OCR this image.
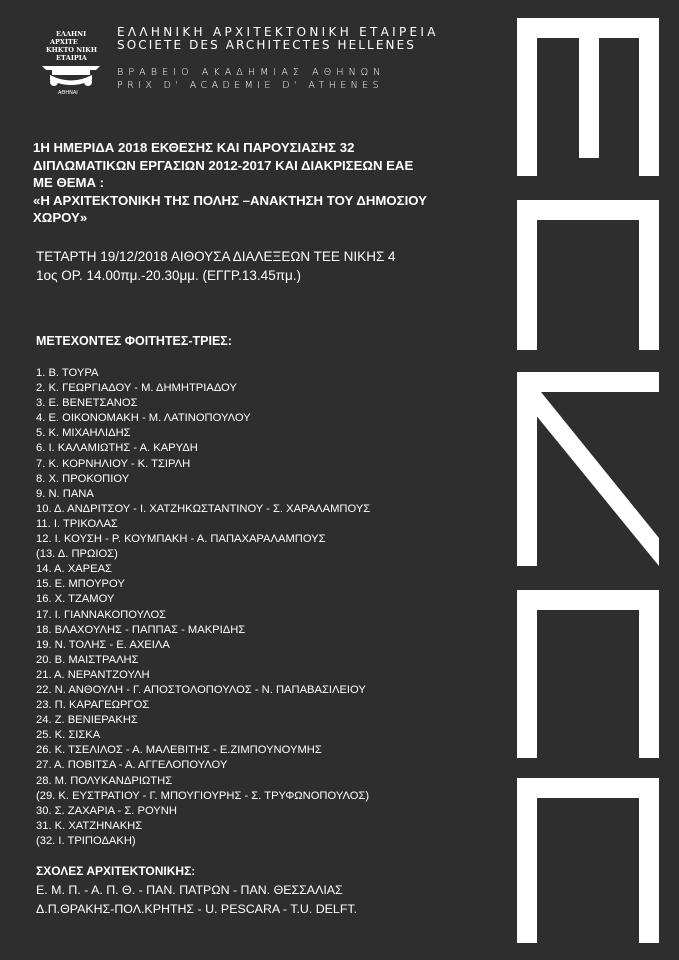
ΕΛ ΛΗΝΙ
ΑΡΧΙΤΕ
ΚΗΚΤΟ ΝΙΚΗ
ΕΤΑΙΡΙΑ
ΑΘΗΝΑΙ
ΕΛΛΗΝΙΚΗ ΑΡΧΙΤΕΚΤΟΝΙΚΗ ΕΤΑΙΡΕΙΑ
SOCIETE DES ARCHITECTES HELLENES
ΒΡΑΒΕΙΟ ΑΚΑΔΗΜΙΑΣ ΑΘΗΝΩΝ
PRIX D' ACADEMIE D' ATHENES
1Η ΗΜΕΡΙΔΑ 2018 ΕΚΘΕΣΗΣ ΚΑΙ ΠΑΡΟΥΣΙΑΣΗΣ 32
ΔΙΠΛΩΜΑΤΙΚΩΝ ΕΡΓΑΣΙΩΝ 2012-2017 ΚΑΙ ΔΙΑΚΡΙΣΕΩΝ ΕΑΕ
ΜΕ ΘΕΜΑ :
«Η ΑΡΧΙΤΕΚΤΟΝΙΚΗ ΤΗΣ ΠΟΛΗΣ –ΑΝΑΚΤΗΣΗ ΤΟΥ ΔΗΜΟΣΙΟΥ
ΧΩΡΟΥ»
ΤΕΤΑΡΤΗ 19/12/2018 ΑΙΘΟΥΣΑ ΔΙΑΛΕΞΕΩΝ ΤΕΕ ΝΙΚΗΣ 4
1ος ΟΡ. 14.00πμ.-20.30μμ. (ΕΓΓΡ.13.45πμ.)
ΜΕΤΕΧΟΝΤΕΣ ΦΟΙΤΗΤΕΣ-ΤΡΙΕΣ:
1. Β. ΤΟΥΡΑ
2. Κ. ΓΕΩΡΓΙΑΔΟΥ - Μ. ΔΗΜΗΤΡΙΑΔΟΥ
3. Ε. ΒΕΝΕΤΣΑΝΟΣ
4. Ε. ΟΙΚΟΝΟΜΑΚΗ - Μ. ΛΑΤΙΝΟΠΟΥΛΟΥ
5. Κ. ΜΙΧΑΗΛΙΔΗΣ
6. Ι. ΚΑΛΑΜΙΩΤΗΣ - Α. ΚΑΡΥΔΗ
7. Κ. ΚΟΡΝΗΛΙΟΥ - Κ. ΤΣΙΡΛΗ
8. Χ. ΠΡΟΚΟΠΙΟΥ
9. Ν. ΠΑΝΑ
10. Δ. ΑΝΔΡΙΤΣΟΥ - Ι. ΧΑΤΖΗΚΩΣΤΑΝΤΙΝΟΥ - Σ. ΧΑΡΑΛΑΜΠΟΥΣ
11. Ι. ΤΡΙΚΟΛΑΣ
12. Ι. ΚΟΥΣΗ - Ρ. ΚΟΥΜΠΑΚΗ - Α. ΠΑΠΑΧΑΡΑΛΑΜΠΟΥΣ
(13. Δ. ΠΡΩΙΟΣ)
14. Α. ΧΑΡΕΑΣ
15. Ε. ΜΠΟΥΡΟΥ
16. Χ. ΤΖΑΜΟΥ
17. Ι. ΓΙΑΝΝΑΚΟΠΟΥΛΟΣ
18. ΒΛΑΧΟΥΛΗΣ - ΠΑΠΠΑΣ - ΜΑΚΡΙΔΗΣ
19. Ν. ΤΟΛΗΣ - Ε. ΑΧΕΙΛΑ
20. Β. ΜΑΙΣΤΡΑΛΗΣ
21. Α. ΝΕΡΑΝΤΖΟΥΛΗ
22. Ν. ΑΝΘΟΥΛΗ - Γ. ΑΠΟΣΤΟΛΟΠΟΥΛΟΣ - Ν. ΠΑΠΑΒΑΣΙΛΕΙΟΥ
23. Π. ΚΑΡΑΓΕΩΡΓΟΣ
24. Ζ. ΒΕΝΙΕΡΑΚΗΣ
25. Κ. ΣΙΣΚΑ
26. Κ. ΤΣΕΛΙΛΟΣ - Α. ΜΑΛΕΒΙΤΗΣ - Ε.ΖΙΜΠΟΥΝΟΥΜΗΣ
27. Α. ΠΟΒΙΤΣΑ - Α. ΑΓΓΕΛΟΠΟΥΛΟΥ
28. Μ. ΠΟΛΥΚΑΝΔΡΙΩΤΗΣ
(29. Κ. ΕΥΣΤΡΑΤΙΟΥ - Γ. ΜΠΟΥΓΙΟΥΡΗΣ - Σ. ΤΡΥΦΩΝΟΠΟΥΛΟΣ)
30. Σ. ΖΑΧΑΡΙΑ - Σ. ΡΟΥΝΗ
31. Κ. ΧΑΤΖΗΝΑΚΗΣ
(32. Ι. ΤΡΙΠΟΔΑΚΗ)
ΣΧΟΛΕΣ ΑΡΧΙΤΕΚΤΟΝΙΚΗΣ:
Ε. Μ. Π. - Α. Π. Θ. - ΠΑΝ. ΠΑΤΡΩΝ - ΠΑΝ. ΘΕΣΣΑΛΙΑΣ
Δ.Π.ΘΡΑΚΗΣ-ΠΟΛ.ΚΡΗΤΗΣ - U. PESCARA - T.U. DELFT.
